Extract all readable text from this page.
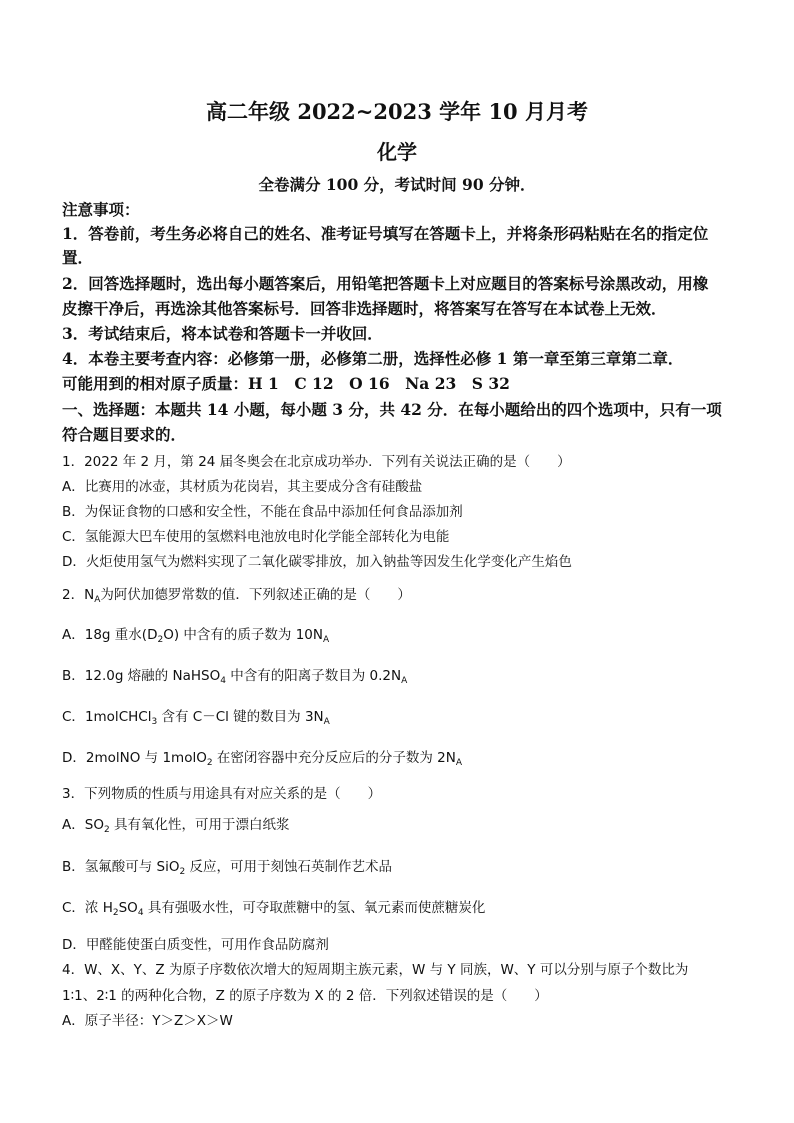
高二年级 2022~2023 学年 10 月月考
化学
全卷满分 100 分，考试时间 90 分钟．
注意事项：
1．答卷前，考生务必将自己的姓名、准考证号填写在答题卡上，并将条形码粘贴在名的指定位
置．
2．回答选择题时，选出每小题答案后，用铅笔把答题卡上对应题目的答案标号涂黑改动，用橡
皮擦干净后，再选涂其他答案标号．回答非选择题时，将答案写在答写在本试卷上无效．
3．考试结束后，将本试卷和答题卡一并收回．
4．本卷主要考查内容：必修第一册，必修第二册，选择性必修 1 第一章至第三章第二章．
可能用到的相对原子质量：H 1　C 12　O 16　Na 23　S 32
一、选择题：本题共 14 小题，每小题 3 分，共 42 分．在每小题给出的四个选项中，只有一项
符合题目要求的．
1．2022 年 2 月，第 24 届冬奥会在北京成功举办．下列有关说法正确的是（　　）
A．比赛用的冰壶，其材质为花岗岩，其主要成分含有硅酸盐
B．为保证食物的口感和安全性，不能在食品中添加任何食品添加剂
C．氢能源大巴车使用的氢燃料电池放电时化学能全部转化为电能
D．火炬使用氢气为燃料实现了二氧化碳零排放，加入钠盐等因发生化学变化产生焰色
2．$N_A$为阿伏加德罗常数的值．下列叙述正确的是（　　）
A．18g 重水$(D_2O)$ 中含有的质子数为 $10N_A$
B．12.0g 熔融的 NaHSO$_4$ 中含有的阳离子数目为 $0.2N_A$
C．1molCHCl$_3$ 含有 C－Cl 键的数目为 $3N_A$
D．2molNO 与 1molO$_2$ 在密闭容器中充分反应后的分子数为 $2N_A$
3．下列物质的性质与用途具有对应关系的是（　　）
A．$SO_2$ 具有氧化性，可用于漂白纸浆
B．氢氟酸可与 SiO$_2$ 反应，可用于刻蚀石英制作艺术品
C．浓 $H_2SO_4$ 具有强吸水性，可夺取蔗糖中的氢、氧元素而使蔗糖炭化
D．甲醛能使蛋白质变性，可用作食品防腐剂
4．W、X、Y、Z 为原子序数依次增大的短周期主族元素，W 与 Y 同族，W、Y 可以分别与原子个数比为
1∶1、2∶1 的两种化合物，Z 的原子序数为 X 的 2 倍．下列叙述错误的是（　　）
A．原子半径：Y＞Z＞X＞W
